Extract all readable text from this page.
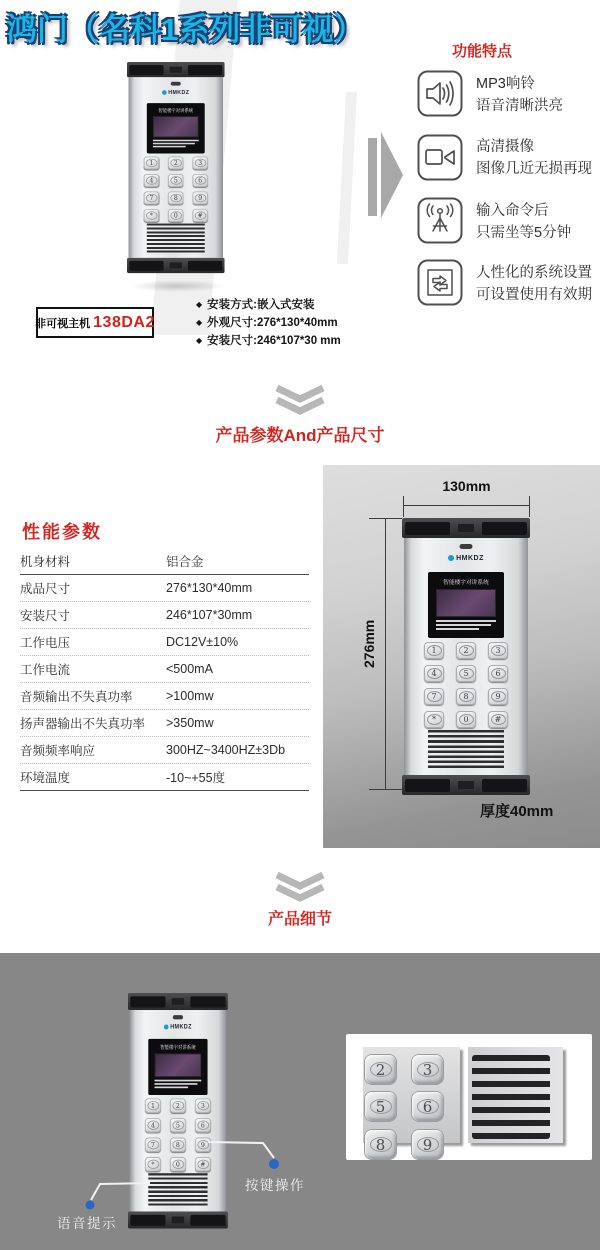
鸿门（名科1系列非可视）
HMKDZ
智能楼宇对讲系统
1	2	3
4	5	6
7	8	9
*	0 #
非可视主机 138DA2
◆ 安装方式:嵌入式安装
◆ 外观尺寸:276*130*40mm
◆ 安装尺寸:246*107*30 mm
功能特点
MP3响铃
语音清晰洪亮
高清摄像
图像几近无损再现
输入命令后
只需坐等5分钟
人性化的系统设置
可设置使用有效期
产品参数And产品尺寸
性能参数
机身材料	铝合金
成品尺寸	276*130*40mm
安装尺寸	246*107*30mm
工作电压	DC12V±10%
工作电流	<500mA
音频输出不失真功率	>100mw
扬声器输出不失真功率	>350mw
音频频率响应	300HZ~3400HZ±3Db
环境温度	-10~+55度
130mm
276mm
HMKDZ
智能楼宇对讲系统
1	2	3
4	5	6
7	8	9
*	0	#
厚度40mm
产品细节
HMKDZ
智能楼宇对讲系统
1	2	3
4	5	6
7	8	9
*	0	#
按键操作
语音提示
2 3
5 6
8 9
